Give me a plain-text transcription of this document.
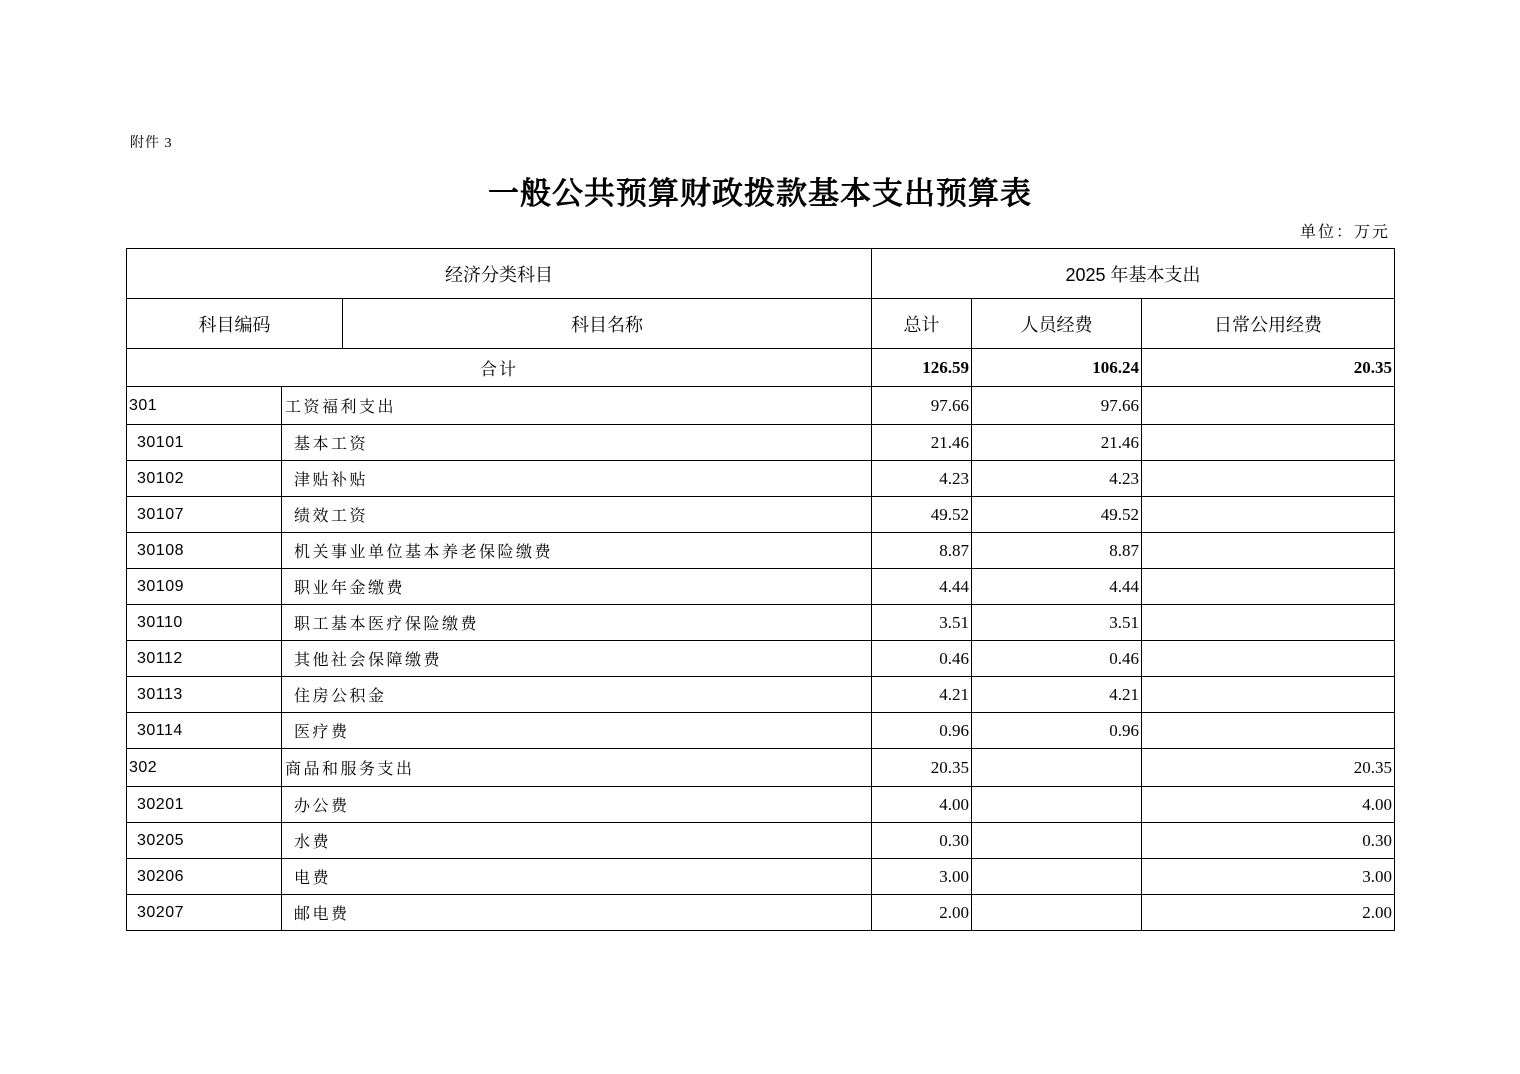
附件 3
一般公共预算财政拨款基本支出预算表
单位：万元
经济分类科目		2025 年基本支出		
科目编码	科目名称	总计	人员经费	日常公用经费
合计		126.59	106.24	20.35
301	工资福利支出	97.66	97.66	
30101	基本工资	21.46	21.46	
30102	津贴补贴	4.23	4.23	
30107	绩效工资	49.52	49.52	
30108	机关事业单位基本养老保险缴费	8.87	8.87	
30109	职业年金缴费	4.44	4.44	
30110	职工基本医疗保险缴费	3.51	3.51	
30112	其他社会保障缴费	0.46	0.46	
30113	住房公积金	4.21	4.21	
30114	医疗费	0.96	0.96	
302	商品和服务支出	20.35		20.35
30201	办公费	4.00		4.00
30205	水费	0.30		0.30
30206	电费	3.00		3.00
30207	邮电费	2.00		2.00
